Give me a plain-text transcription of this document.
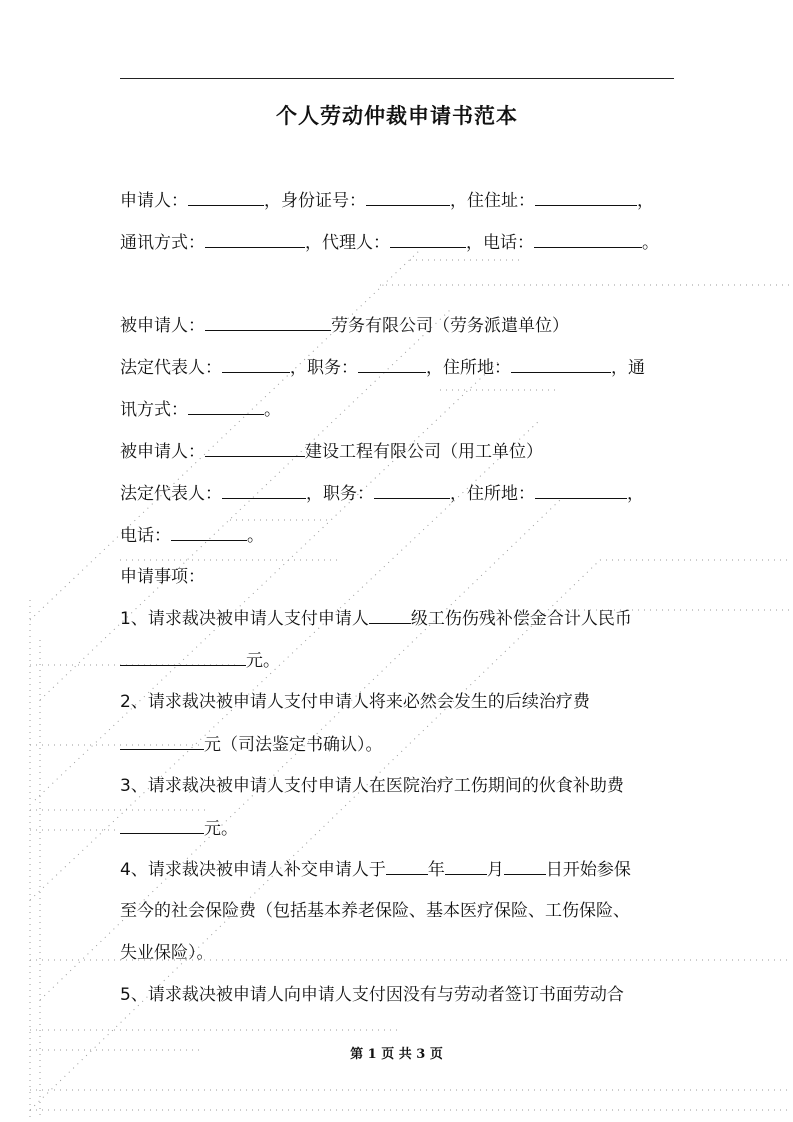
个人劳动仲裁申请书范本
申请人：	，身份证号：	，住住址：	，
通讯方式：	，代理人：	，电话：	。
被申请人：	劳务有限公司（劳务派遣单位）
法定代表人：	，职务：	，住所地：	，通
讯方式：	。
被申请人：	建设工程有限公司（用工单位）
法定代表人：	，职务：	，住所地：	，
电话：	。
申请事项：
1、请求裁决被申请人支付申请人 级工伤伤残补偿金合计人民币
元。
2、请求裁决被申请人支付申请人将来必然会发生的后续治疗费
元（司法鉴定书确认）。
3、请求裁决被申请人支付申请人在医院治疗工伤期间的伙食补助费
元。
4、请求裁决被申请人补交申请人于 年 月 日开始参保
至今的社会保险费（包括基本养老保险、基本医疗保险、工伤保险、
失业保险）。
5、请求裁决被申请人向申请人支付因没有与劳动者签订书面劳动合
第 1 页 共 3 页
